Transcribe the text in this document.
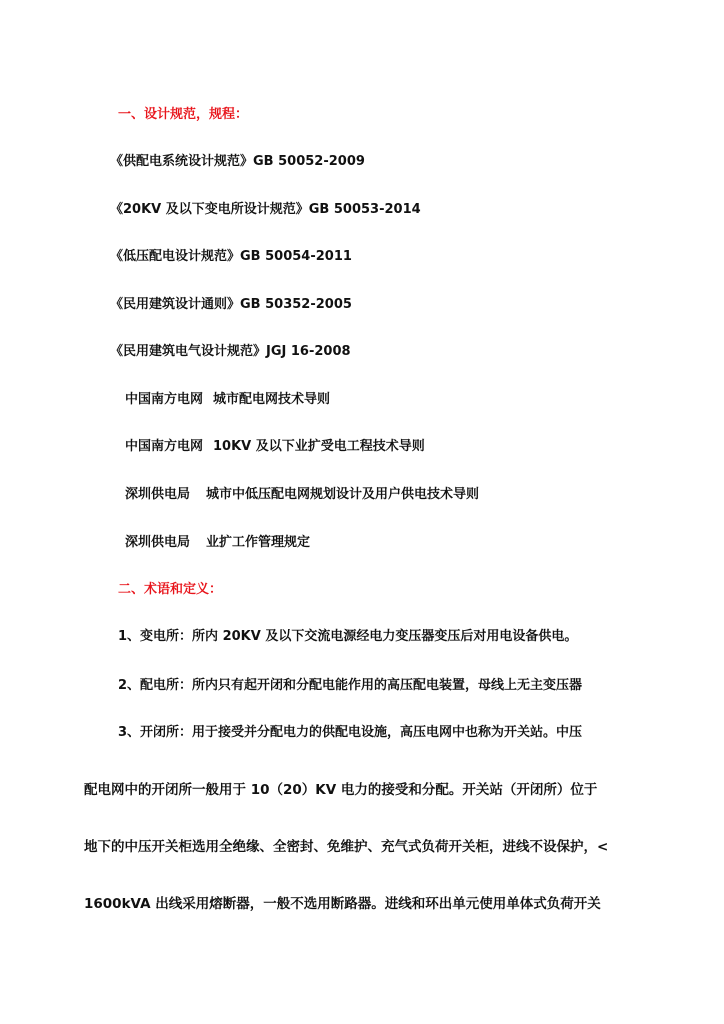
一、设计规范，规程：
《供配电系统设计规范》GB 50052-2009
《20KV 及以下变电所设计规范》GB 50053-2014
《低压配电设计规范》GB 50054-2011
《民用建筑设计通则》GB 50352-2005
《民用建筑电气设计规范》JGJ 16-2008
中国南方电网 城市配电网技术导则
中国南方电网 10KV 及以下业扩受电工程技术导则
深圳供电局 城市中低压配电网规划设计及用户供电技术导则
深圳供电局 业扩工作管理规定
二、术语和定义：
1、变电所：所内 20KV 及以下交流电源经电力变压器变压后对用电设备供电。
2、配电所：所内只有起开闭和分配电能作用的高压配电装置，母线上无主变压器
3、开闭所：用于接受并分配电力的供配电设施，高压电网中也称为开关站。中压
配电网中的开闭所一般用于 10（20）KV 电力的接受和分配。开关站（开闭所）位于
地下的中压开关柜选用全绝缘、全密封、免维护、充气式负荷开关柜，进线不设保护，<
1600kVA 出线采用熔断器，一般不选用断路器。进线和环出单元使用单体式负荷开关
